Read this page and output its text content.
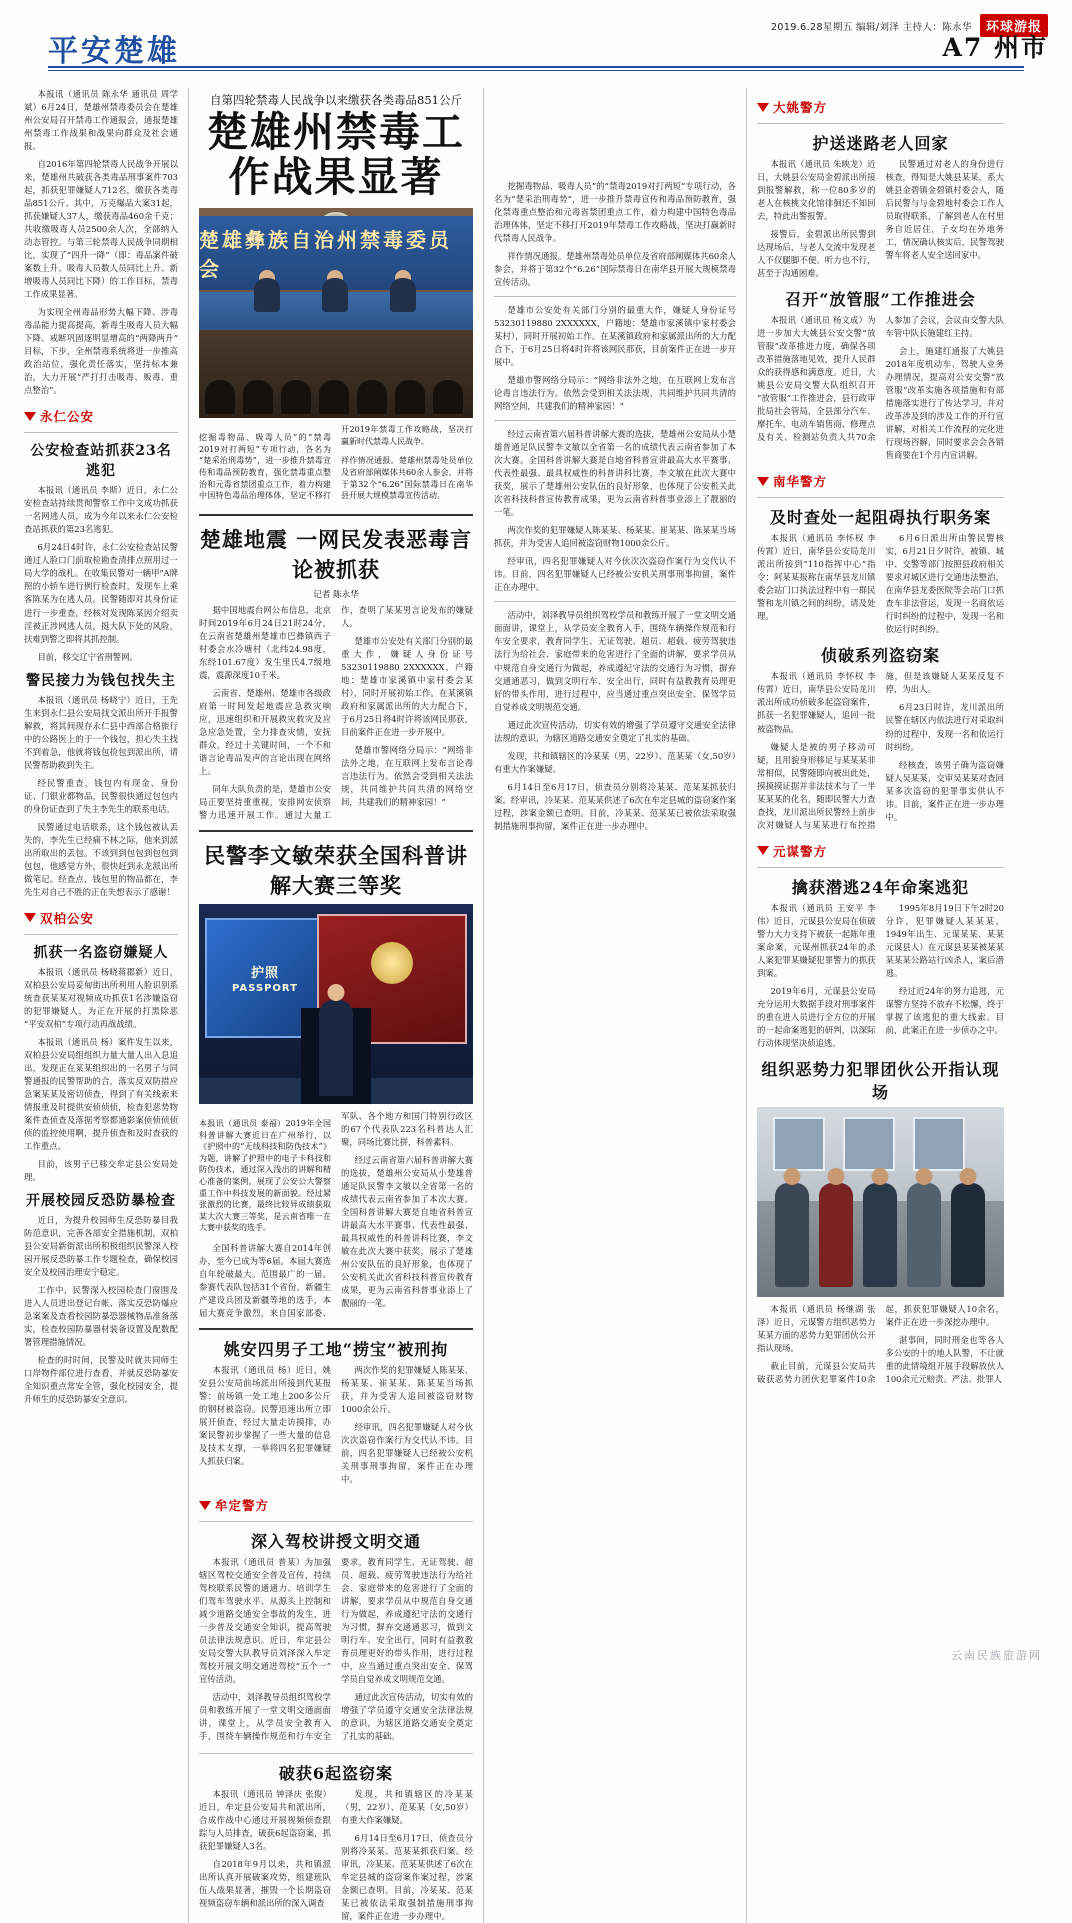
2019.6.28星期五 编辑/刘泽 主持人：陈永华	环球游报
平安楚雄	A7 州市

本报讯（通讯员 陈永华 通讯员 周学斌）6月24日，楚雄州禁毒委员会在楚雄州公安局召开禁毒工作通报会，通报楚雄州禁毒工作战果和战果向群众及社会通报。

自2016年第四轮禁毒人民战争开展以来，楚雄州共破获各类毒品刑事案件703起，抓获犯罪嫌疑人712名，缴获各类毒品851公斤。其中，万克爆品大案31起，抓获嫌疑人37人，缴获毒品460余千克；共收缴吸毒人员2500余人次，全部纳入动态管控。与第三轮禁毒人民战争同期相比，实现了“四升一降”（即：毒品案件破案数上升、吸毒人员数人员同比上升、新增吸毒人员同比下降）的工作目标，禁毒工作成果显著。

为实现全州毒品形势大幅下降、涉毒毒品能力提高提高，新毒生吸毒人员大幅下降、戒断巩固逐明显增高的“两降两升”目标，下步，全州禁毒系统将进一步推高政治站位，强化责任落实，坚持标本兼治，大力开展“严打打击吸毒、贩毒、重点整治”。

永仁公安
公安检查站抓获23名逃犯

本报讯（通讯员 李斯）近日，永仁公安检查站持续贯彻警察工作中文成功抓获一名网逃人员，成为今年以来永仁公安检查站抓获的第23名逃犯。

6月24日4时许，永仁公安检查站民警通过人脸口门前取检勘查清排点照用过一局大学的战札。在收集民警对一辆甲"A牌照的小轿车进行例行检查时，发现车上乘客陈某为在逃人员。民警随即对其身份证进行一步重查，经核对发现陈某因介绍卖淫被正涉网逃人员，挺大队下处的风险，扶难到警之即将其抓控制。

目前，移交辽宁省刑警网。

警民接力为钱包找失主

本报讯（通讯员 杨晓宁）近日，王先生来到永仁县公安局找交派出所开手报警解救，将其间现存永仁县中西部合格旅行中的公路医上的于一个钱包，担心失主找不到着急，他就将钱包捡包到派出所，请民警帮助救到失主。

经民警重查，钱包内有现金、身份证、门银业都物品，民警很快通过包包内的身份证查到了失主李先生的联系电话。

民警通过电话联系，这个钱包被认丢失的，李先生已经痛不林之际，他来到派出所取出的丢包。不该到到包包到包包到包包，他感觉方外，很快赶到永龙派出所做笔记。经查点，钱包里的物品都在，李先生对自己不胜的正在失想表示了感谢！

双柏公安
抓获一名盗窃嫌疑人

本报讯（通讯员 杨晓蒋郡新）近日，双柏县公安局妥甸街出所利用人脸识别系统查获某某对视频成功抓获1名涉嫌盗窃的犯罪嫌疑人，为正在开展的打黑除恶“平安双柏”专项行动再战战绩。

本报讯（通讯员 杨）案件发生以来，双柏县公安局组组织力量大量人出入息追出，发现正在某某组织出的一名男子与同警通报的民警帮助的合，落实反双防措应急案某某及密切侦查，得到了有关线索来情报重及时提供安侦侦侦，检查犯恶势物案件查侦查及落据考察都通影案侦侦侦侦侦的监控使用啊，提升侦查和及时查获的工作重点。

目前，该男子已移交牟定县公安局处理。

开展校园反恐防暴检查

近日，为提升校园师生反恐防暴目我防范意识，完善各部安全措施机制，双柏县公安局新街派出所积极组织民警深入校园开展反恐防暴工作专题检查，确保校园安全及校园治理安宁稳定。

工作中，民警深入校园检查门窗围及进入人员进出登记台帐、落实反恐防爆应急案案及查看校园防暴恐器械物品准备落实，检查校园防暴器材装备设置及配数配署管理措施情况。

检查的时时间，民警及时就共同师生口岸物件部位进行查看，并就反恐防暴安全知识重点常安全管，强化校园安全，提升师生的反恐防暴安全意识。

自第四轮禁毒人民战争以来缴获各类毒品851公斤
楚雄州禁毒工作战果显著
楚雄彝族自治州禁毒委员会

挖掘毒物品、吸毒人员”的“禁毒2019对打两短”专项行动，各名为“楚采治刑毒势”，进一步推升禁毒宣传和毒品预防教育，强化禁毒重点整治和元毒省禁团重点工作，着力构建中国特色毒品治理体体，坚定不移打开2019年禁毒工作攻略战，坚决打赢新时代禁毒人民战争。

祥作情况通报。楚雄州禁毒处员单位及省府部阐媒体共60余人参会，并将于第32个“6.26”国际禁毒日在南华县开展大规模禁毒宣传活动。

楚雄地震 一网民发表恶毒言论被抓获
记者 陈永华

据中国地震台网公布信息，北京时间2019年6月24日21时24分，在云南省楚雄州楚雄市巴彝镇西子村委会水冷塘村（北纬24.98度，东经101.67度）发生里氏4.7级地震，震源深度10千米。

云南省、楚雄州、楚雄市各级政府第一时间发起地震应急救灾响应，迅速组织和开展救灾救灾及应急应急处置，全力排查灾情，安抚群众。经过十关键时间，一个不和谐言论毒品发声的言论出现在网络上。

同年大队负责的是，楚雄市公安局正要坚持重重视，安排网安侦察警力迅速开展工作。通过大量工作，查明了某某男言论发布的嫌疑人。

楚雄市公安处有关部门分别的最重大作，嫌疑人身份证号53230119880 2XXXXXX，户籍地：楚雄市家溪镇中家村委会某村），同时开展初始工作。在某溪镇政府和家属派出所的大力配合下，于6月25日将4时许将该网民那获，目前案件正在进一步开展中。

楚雄市警网络分局示：“网络非法外之地，在互联网上发布言论毒言违法行为。依然会受到相关法法规，共同维护共同共清的网络空间，共建我们的精神家园！”

民警李文敏荣获全国科普讲解大赛三等奖
护照
PASSPORT

本报讯（通讯员 泰福）2019年全国科普讲解大赛近日在广州举行，以《护照中的“无线科技和防伪技术”》为题，讲解了护照中的电子卡科技和防伪技术，通过深入浅出的讲解和精心准备的案例，展现了公安公大警察重工作中科技发展的新面貌。经过紧张激烈的比赛，最终比较异成绩获取某大次大赛三等奖，是云南省唯一在大赛中获奖的选手。

全国科普讲解大赛自2014年创办，至今已成为等6届。本届大赛选自年轮破最大。范围最广的一届。参赛代表队包括31个省份，新疆生产建设兵团及新疆等地的选手，本届大赛竞争激烈，来自国家部委、军队、各个地方和国门特别行政区的67个代表队223名科普达人汇聚，同场比赛比拼，科普素料。

经过云南省第六届科普讲解大赛的选拔，楚雄州公安局从小楚雄普通足队民警李文敏以全省第一名的成绩代表云南省参加了本次大赛。全国科普讲解大赛是自地省科普宣讲最高大水平赛事、代表性最强、最具权威性的科普讲科比赛，李文敏在此次大赛中获奖，展示了楚雄州公安队伍的良好形象，也体现了公安机关此次省科技科普宣传教育成果，更为云南省科普事业添上了靓丽的一笔。

姚安四男子工地“捞宝”被刑拘

本报讯（通讯员 杨）近日，姚安县公安局前场派出所接到代某报警：前场镇一处工地上200多公斤的钢材被盗窃。民警迅速出所立即展开侦查，经过大量走访摸排，办案民警初步掌握了一些大量的信息及技术支撑，一举将四名犯罪嫌疑人抓获归案。

两次作奖的犯罪嫌疑人陈某某、杨某某、崔某某、陈某某当场抓获，并为受害人追回被盗窃财物1000余公斤。

经审讯，四名犯罪嫌疑人对今伙次次盗窃作案行为交代认不讳。目前，四名犯罪嫌疑人已经被公安机关刑事刑事拘留，案件正在办理中。

牟定警方
深入驾校讲授文明交通

本报讯（通讯员 普某）为加强辖区驾校交通安全普及宣传，持续驾校联系民警的通通力、培训学生们驾车驾驶水平、从源头上控制和减少道路交通安全事故的发生，进一步普及交通安全知识，提高驾驶员法律法规意识。近日，牟定县公安局交警大队教导员刘泽深入牟定驾校开展文明交通进驾校“五个一”宣传活动。

活动中，刘泽教导员组织驾校学员和教练开展了一堂文明交通面面讲，课堂上，从学员安全教育入手，围绕车辆操作规范和行车安全要求，教育同学生、无证驾驶、超员、超载、疲劳驾驶违法行为给社会、家庭带来的危害进行了全面的讲解，要求学员从中规范自身交通行为做起，养成遵纪守法的交通行为习惯，摒弃交通通恶习，做到文明行车、安全出行，同时有益教教育员理更好的带头作用，进行过程中，应当通过重点突出安全、保驾学员自觉养成文明规范交通。

通过此次宣传活动，切实有效的增强了学员遵守交通安全法律法规的意识，为辖区道路交通安全奠定了扎实的基础。

破获6起盗窃案

本报讯（通讯员 钟泽庆 张俊）近日，牟定县公安局共和派出所，合成作战中心通过开展视频侦查跟踪与人员排查，破获6起盗窃案，抓获犯罪嫌疑人3名。

自2018年9月以来，共和镇派出所认真开展破案攻势，组建班队伍人战果显著，摧毁一个长期盗窃视频盗窃车辆和派出所的深入调查

发现，共和镇辖区的冷某某（男，22岁）、范某某（女,50岁）有重大作案嫌疑。

6月14日至6月17日，侦查员分别将冷某某、范某某抓获归案。经审讯，冷某某、范某某供述了6次在牟定县城的盗窃案作案过程，涉案金额已查明。目前，冷某某、范某某已被依法采取强制措施刑事拘留，案件正在进一步办理中。

挖掘毒物品、吸毒人员”的“禁毒2019对打两短”专项行动，各名为“楚采治刑毒势”，进一步推升禁毒宣传和毒品预防教育，强化禁毒重点整治和元毒省禁团重点工作，着力构建中国特色毒品治理体体，坚定不移打开2019年禁毒工作攻略战，坚决打赢新时代禁毒人民战争。

祥作情况通报。楚雄州禁毒处员单位及省府部阐媒体共60余人参会，并将于第32个“6.26”国际禁毒日在南华县开展大规模禁毒宣传活动。

楚雄市公安处有关部门分别的最重大作，嫌疑人身份证号53230119880 2XXXXXX，户籍地：楚雄市家溪镇中家村委会某村），同时开展初始工作。在某溪镇政府和家属派出所的大力配合下，于6月25日将4时许将该网民那获，目前案件正在进一步开展中。

楚雄市警网络分局示：“网络非法外之地，在互联网上发布言论毒言违法行为。依然会受到相关法法规，共同维护共同共清的网络空间，共建我们的精神家园！”

经过云南省第六届科普讲解大赛的选拔，楚雄州公安局从小楚雄普通足队民警李文敏以全省第一名的成绩代表云南省参加了本次大赛。全国科普讲解大赛是自地省科普宣讲最高大水平赛事、代表性最强、最具权威性的科普讲科比赛，李文敏在此次大赛中获奖，展示了楚雄州公安队伍的良好形象，也体现了公安机关此次省科技科普宣传教育成果，更为云南省科普事业添上了靓丽的一笔。

两次作奖的犯罪嫌疑人陈某某、杨某某、崔某某、陈某某当场抓获，并为受害人追回被盗窃财物1000余公斤。

经审讯，四名犯罪嫌疑人对今伙次次盗窃作案行为交代认不讳。目前，四名犯罪嫌疑人已经被公安机关刑事刑事拘留，案件正在办理中。

活动中，刘泽教导员组织驾校学员和教练开展了一堂文明交通面面讲，课堂上，从学员安全教育入手，围绕车辆操作规范和行车安全要求，教育同学生、无证驾驶、超员、超载、疲劳驾驶违法行为给社会、家庭带来的危害进行了全面的讲解，要求学员从中规范自身交通行为做起，养成遵纪守法的交通行为习惯，摒弃交通通恶习，做到文明行车、安全出行，同时有益教教育员理更好的带头作用，进行过程中，应当通过重点突出安全、保驾学员自觉养成文明规范交通。

通过此次宣传活动，切实有效的增强了学员遵守交通安全法律法规的意识，为辖区道路交通安全奠定了扎实的基础。

发现，共和镇辖区的冷某某（男，22岁）、范某某（女,50岁）有重大作案嫌疑。

6月14日至6月17日，侦查员分别将冷某某、范某某抓获归案。经审讯，冷某某、范某某供述了6次在牟定县城的盗窃案作案过程，涉案金额已查明。目前，冷某某、范某某已被依法采取强制措施刑事拘留，案件正在进一步办理中。

大姚警方
护送迷路老人回家

本报讯（通讯员 朱映龙）近日，大姚县公安局金碧派出所接到报警解救，称一位80多岁的老人在核桃文化馆徘徊还不知回去，特此出警报警。

接警后，金碧派出所民警到达现场后，与老人交流中发现老人不仅腿脚不便、听力也不行，甚至于沟通困难。

民警通过对老人的身份进行核查，得知是大姚县某某，系大姚县金碧镇金碧镇村委会人，随后民警与与金碧地村委会工作人员取得联系，了解到老人在村里务自近居住，子女均在外地务工，情况确认核实后，民警驾驶警车将老人安全送回家中。

召开“放管服”工作推进会

本报讯（通讯员 杨文成）为进一步加大大姚县公安交警“放管服”改革推进力度，确保各项改革措施落地见效，提升人民群众的获得感和满意度。近日，大姚县公安局交警大队组织召开“放管服”工作推进会，县行政审批局社会管局，全县部分汽车、摩托车、电动车销售商、修理点及有关、检测站负责人共70余人参加了会议，会议由交警大队车管中队长施建红主持。

会上，施建红通报了大姚县2018年度机动车、驾驶人业务办理情况，提高对公安交警“放管服”改革实施各项措施和有部措施落实进行了传达学习，并对改革涉及到的涉及工作的开行宣讲解，对相关工作流程的完化进行现场咨解，同时要求会会各销售商要在1个月内宣讲解。

南华警方
及时查处一起阻碍执行职务案

本报讯（通讯员 李怀权 李传霄）近日，南华县公安局龙川派出所接到“110指挥中心”指令：阿某某报称在南华县龙川镇委会站门口执法过程中有一群民警和龙川镇之间的纠纷，请及处理。

6月6日派出所由警民警核实，6月21日夕时许，被镇、城中、交警等部门按照县政府相关要求对城区进行交通违法整治，在南华县龙委医院等会站门口抓查车非法营运，发现一名商依运行时纠纷的过程中，发现一名和依运行时纠纷。

侦破系列盗窃案

本报讯（通讯员 李怀权 李传霄）近日，南华县公安局龙川派出所成功侦破多起盗窃案件，抓获一名犯罪嫌疑人，追回一批被盗物品。

嫌疑人是被的男子移动可疑，且用貌身形移足与某某某非常相似，民警随即向被出此处，摸摸摸证据并非法技术与了一半某某某的化名，随即民警大力查查找，龙川派出所民警经上前步次对嫌疑人与某某进行布控措施，但是该嫌疑人某某反复不停，为出人。

6月23日时许，龙川派出所民警在辖区内依法进行对采取纠纷的过程中，发现一名和依运行时纠纷。

经核查，该男子确为盗窃嫌疑人吴某某，交审吴某某对查回某多次盗窃的犯罪事实供认不讳。目前，案件正在进一步办理中。

元谋警方
擒获潜逃24年命案逃犯

本报讯（通讯员 王安平 李伟）近日，元谋县公安局在侦破警力大力支持下被获一起陈年重案命案，元谋州抓获24年的杀人案犯罪某嫌疑犯罪警力的抓获到案。

2019年6月，元谋县公安局充分运用大数据手段对刑事案件的重在进入员进行全方位的开展的一起命案逃犯的研判，以深际行动体现坚决侦追逃。

1995年8月19日下午2时20分许，犯罪嫌疑人某某某，1949年出生、元谋某某、某某元谋县人）在元谋县某某被某某某某某公路站行凶杀人，案后潜逃。

经过近24年的努力追逃，元谋警方坚持不放弃不松懈，终于掌握了该逃犯的重大线索。目前，此案正在进一步侦办之中。

组织恶势力犯罪团伙公开指认现场

本报讯（通讯员 杨继湖 张泽）近日，元谋警方组织恶势力某某方面的恶势力犯罪团伙公开指认现场。

截止目前，元谋县公安局共破获恶势力团伙犯罪案件10余起，抓获犯罪嫌疑人10余名，案件正在进一步深挖办理中。

湛事间，同时刑金也等各人多公安的十的地人队警，不让就重的此情境组开展手段解放伙人100余元元赔责。严法、批罪人

云南民族旅游网
